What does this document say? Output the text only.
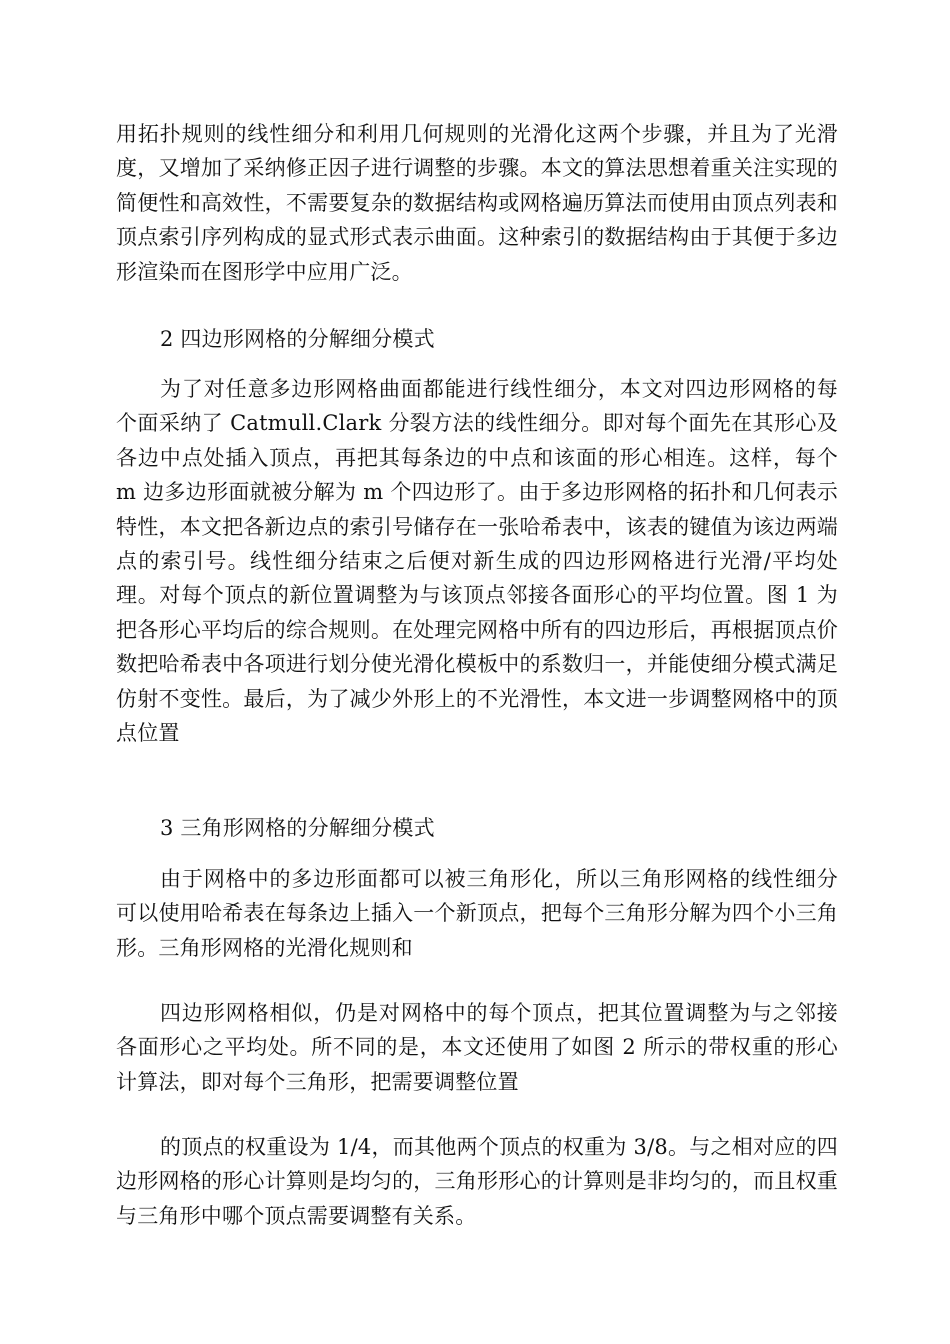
用拓扑规则的线性细分和利用几何规则的光滑化这两个步骤，并且为了光滑度，又增加了采纳修正因子进行调整的步骤。本文的算法思想着重关注实现的简便性和高效性，不需要复杂的数据结构或网格遍历算法而使用由顶点列表和顶点索引序列构成的显式形式表示曲面。这种索引的数据结构由于其便于多边形渲染而在图形学中应用广泛。

2 四边形网格的分解细分模式

为了对任意多边形网格曲面都能进行线性细分，本文对四边形网格的每个面采纳了 Catmull.Clark 分裂方法的线性细分。即对每个面先在其形心及各边中点处插入顶点，再把其每条边的中点和该面的形心相连。这样，每个 m 边多边形面就被分解为 m 个四边形了。由于多边形网格的拓扑和几何表示特性，本文把各新边点的索引号储存在一张哈希表中，该表的键值为该边两端点的索引号。线性细分结束之后便对新生成的四边形网格进行光滑/平均处理。对每个顶点的新位置调整为与该顶点邻接各面形心的平均位置。图 1 为把各形心平均后的综合规则。在处理完网格中所有的四边形后，再根据顶点价数把哈希表中各项进行划分使光滑化模板中的系数归一，并能使细分模式满足仿射不变性。最后，为了减少外形上的不光滑性，本文进一步调整网格中的顶点位置

3 三角形网格的分解细分模式

由于网格中的多边形面都可以被三角形化，所以三角形网格的线性细分可以使用哈希表在每条边上插入一个新顶点，把每个三角形分解为四个小三角形。三角形网格的光滑化规则和

四边形网格相似，仍是对网格中的每个顶点，把其位置调整为与之邻接各面形心之平均处。所不同的是，本文还使用了如图 2 所示的带权重的形心计算法，即对每个三角形，把需要调整位置

的顶点的权重设为 1/4，而其他两个顶点的权重为 3/8。与之相对应的四边形网格的形心计算则是均匀的，三角形形心的计算则是非均匀的，而且权重与三角形中哪个顶点需要调整有关系。
